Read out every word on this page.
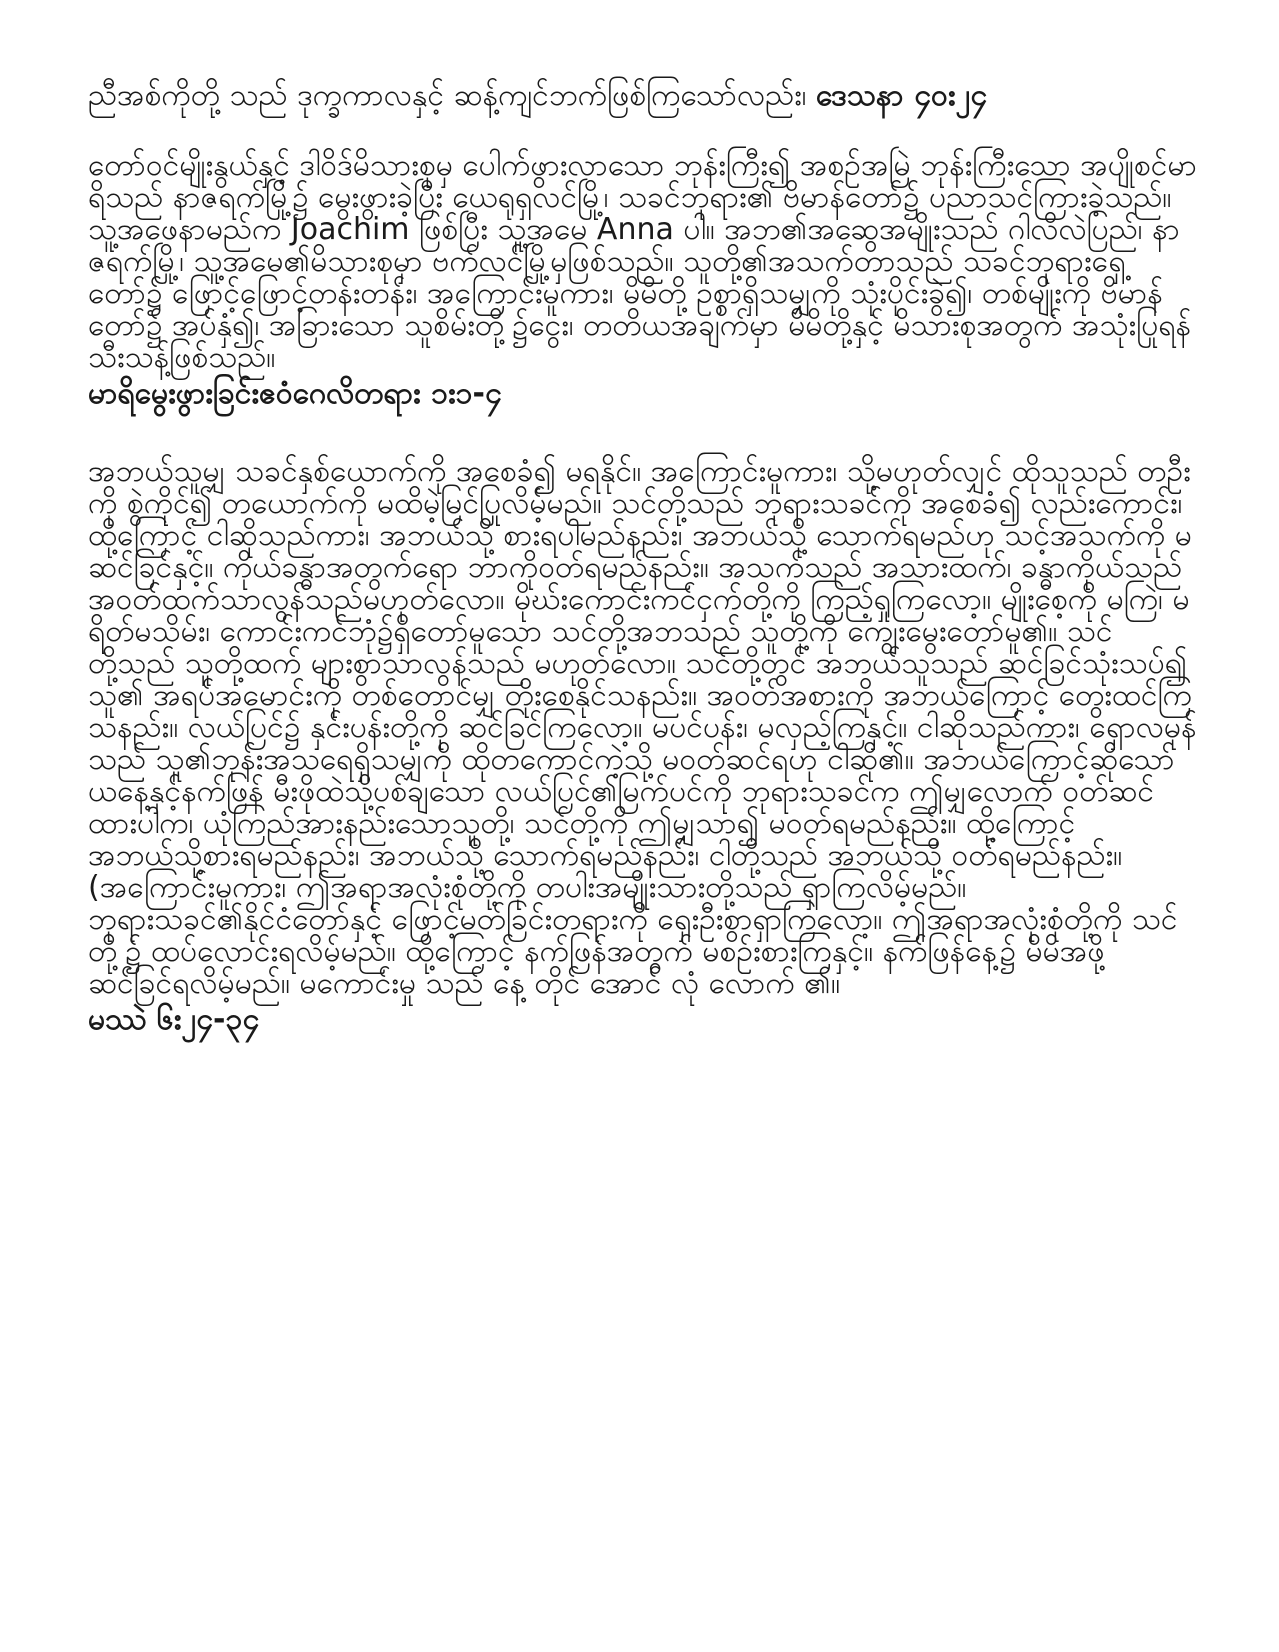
ညီအစ်ကိုတို့ သည် ဒုက္ခကာလနှင့် ဆန့်ကျင်ဘက်ဖြစ်ကြသော်လည်း၊ ဒေသနာ ၄၀း၂၄

တော်ဝင်မျိုးနွယ်နှင့် ဒါဝိဒ်မိသားစုမှ ပေါက်ဖွားလာသော ဘုန်းကြီး၍ အစဉ်အမြဲ ဘုန်းကြီးသော အပျိုစင်မာရိသည် နာဇရက်မြို့၌ မွေးဖွားခဲ့ပြီး ယေရုရှလင်မြို့၊ သခင်ဘုရား၏ ဗိမာန်တော်၌ ပညာသင်ကြားခဲ့သည်။ သူ့အဖေနာမည်က Joachim ဖြစ်ပြီး သူ့အမေ Anna ပါ။ အဘ၏အဆွေအမျိုးသည် ဂါလိလဲပြည်၊ နာဇရက်မြို့၊ သူ့အမေ၏မိသားစုမှာ ဗက်လင်မြို့မှဖြစ်သည်။ သူတို့၏အသက်တာသည် သခင်ဘုရားရှေ့တော်၌ ဖြောင့်ဖြောင့်တန်းတန်း၊ အကြောင်းမူကား၊ မိမိတို့ ဥစ္စာရှိသမျှကို သုံးပိုင်းခွဲ၍၊ တစ်မျိုးကို ဗိမာန်တော်၌ အပ်နှံ၍၊ အခြားသော သူစိမ်းတို့၌ငွေး၊ တတိယအချက်မှာ မိမိတို့နှင့် မိသားစုအတွက် အသုံးပြုရန် သီးသန့်ဖြစ်သည်။

မာရိမွေးဖွားခြင်းဧဝံဂေလိတရား ၁း၁-၄

အဘယ်သူမျှ သခင်နှစ်ယောက်ကို အစေခံ၍ မရနိုင်။ အကြောင်းမူကား၊ သို့မဟုတ်လျှင် ထိုသူသည် တဦးကို စွဲကိုင်၍ တယောက်ကို မထိမဲ့မြင်ပြုလိမ့်မည်။ သင်တို့သည် ဘုရားသခင်ကို အစေခံ၍ လည်းကောင်း၊ ထို့ကြောင့် ငါဆိုသည်ကား၊ အဘယ်သို့ စားရပါမည်နည်း၊ အဘယ်သို့ သောက်ရမည်ဟု သင့်အသက်ကို မဆင်ခြင်နှင့်။ ကိုယ်ခန္ဓာအတွက်ရော ဘာကိုဝတ်ရမည်နည်း။ အသက်သည် အသားထက်၊ ခန္ဓာကိုယ်သည် အဝတ်ထက်သာလွန်သည်မဟုတ်လော။ မိုဃ်းကောင်းကင်ငှက်တို့ကို ကြည့်ရှုကြလော့။ မျိုးစေ့ကို မကြဲ၊ မရိတ်မသိမ်း၊ ကောင်းကင်ဘုံ၌ရှိတော်မူသော သင်တို့အဘသည် သူတို့ကို ကျွေးမွေးတော်မူ၏။ သင်တို့သည် သူတို့ထက် များစွာသာလွန်သည် မဟုတ်လော။ သင်တို့တွင် အဘယ်သူသည် ဆင်ခြင်သုံးသပ်၍ သူ၏ အရပ်အမောင်းကို တစ်တောင်မျှ တိုးစေနိုင်သနည်း။ အဝတ်အစားကို အဘယ်ကြောင့် တွေးထင်ကြသနည်း။ လယ်ပြင်၌ နှင်းပန်းတို့ကို ဆင်ခြင်ကြလော့။ မပင်ပန်း၊ မလှည့်ကြနှင့်။ ငါဆိုသည်ကား၊ ရှောလမုန်သည် သူ၏ဘုန်းအသရေရှိသမျှကို ထိုတကောင်ကဲ့သို့ မဝတ်ဆင်ရဟု ငါဆို၏။ အဘယ်ကြောင့်ဆိုသော် ယနေ့နှင့်နက်ဖြန် မီးဖိုထဲသို့ပစ်ချသော လယ်ပြင်၏မြက်ပင်ကို ဘုရားသခင်က ဤမျှလောက် ဝတ်ဆင်ထားပါက၊ ယုံကြည်အားနည်းသောသူတို့၊ သင်တို့ကို ဤမျှသာ၍ မဝတ်ရမည်နည်း။ ထို့ကြောင့် အဘယ်သို့စားရမည်နည်း၊ အဘယ်သို့ သောက်ရမည်နည်း၊ ငါတို့သည် အဘယ်သို့ ဝတ်ရမည်နည်း။ (အကြောင်းမူကား၊ ဤအရာအလုံးစုံတို့ကို တပါးအမျိုးသားတို့သည် ရှာကြလိမ့်မည်။ ဘုရားသခင်၏နိုင်ငံတော်နှင့် ဖြောင့်မတ်ခြင်းတရားကို ရှေးဦးစွာရှာကြလော့။ ဤအရာအလုံးစုံတို့ကို သင်တို့၌ ထပ်လောင်းရလိမ့်မည်။ ထို့ကြောင့် နက်ဖြန်အတွက် မစဉ်းစားကြနှင့်။ နက်ဖြန်နေ့၌ မိမိအဖို့ ဆင်ခြင်ရလိမ့်မည်။ မကောင်းမှု သည် နေ့ တိုင် အောင် လုံ လောက် ၏။

မဿဲ ၆း၂၄-၃၄
